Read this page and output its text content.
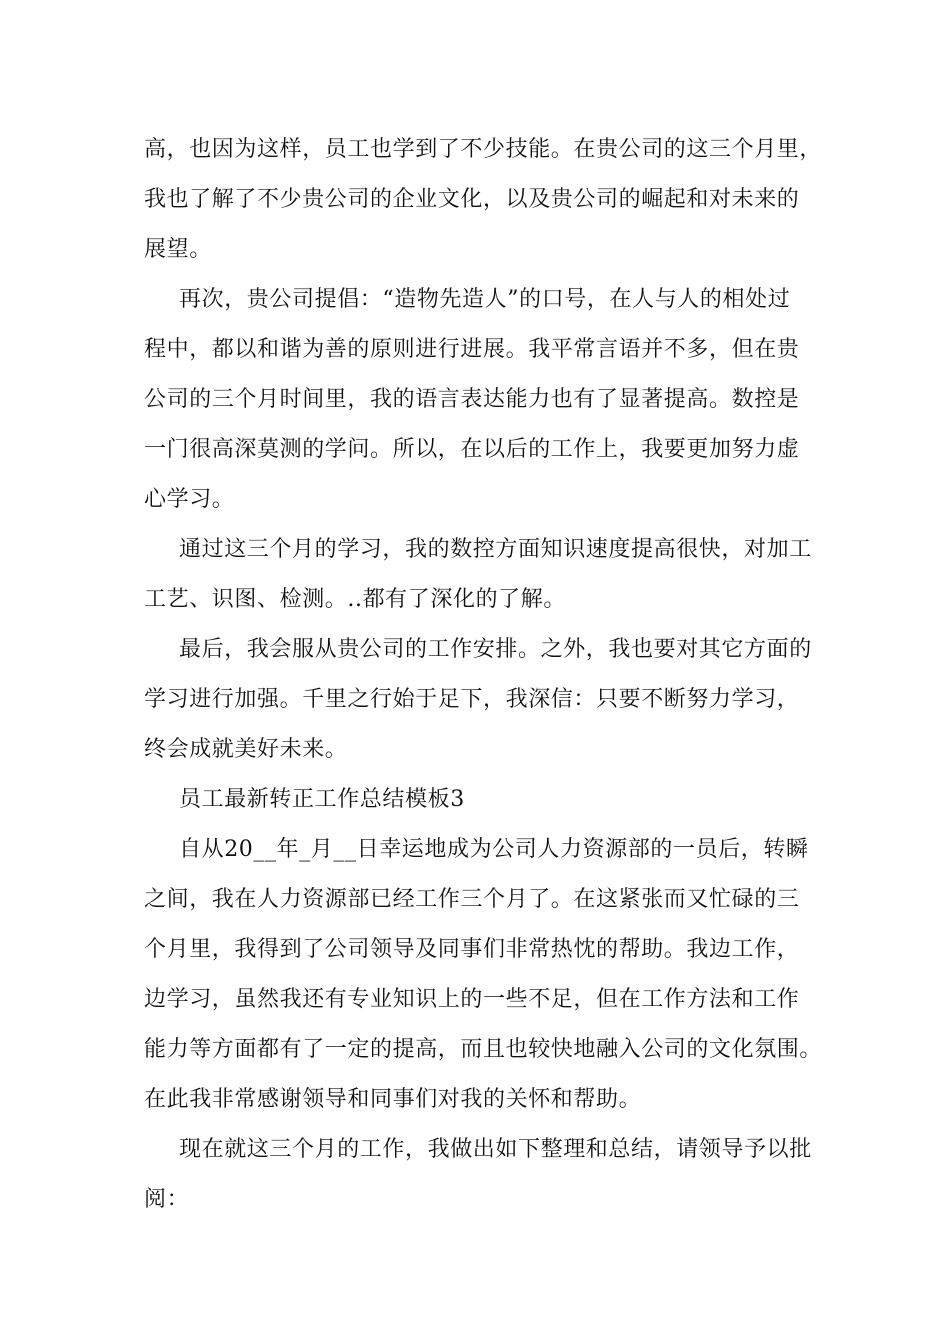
高，也因为这样，员工也学到了不少技能。在贵公司的这三个月里，
我也了解了不少贵公司的企业文化，以及贵公司的崛起和对未来的
展望。
再次，贵公司提倡：“造物先造人”的口号，在人与人的相处过
程中，都以和谐为善的原则进行进展。我平常言语并不多，但在贵
公司的三个月时间里，我的语言表达能力也有了显著提高。数控是
一门很高深莫测的学问。所以，在以后的工作上，我要更加努力虚
心学习。
通过这三个月的学习，我的数控方面知识速度提高很快，对加工
工艺、识图、检测。..都有了深化的了解。
最后，我会服从贵公司的工作安排。之外，我也要对其它方面的
学习进行加强。千里之行始于足下，我深信：只要不断努力学习，
终会成就美好未来。
员工最新转正工作总结模板3
自从20__年_月__日幸运地成为公司人力资源部的一员后，转瞬
之间，我在人力资源部已经工作三个月了。在这紧张而又忙碌的三
个月里，我得到了公司领导及同事们非常热忱的帮助。我边工作，
边学习，虽然我还有专业知识上的一些不足，但在工作方法和工作
能力等方面都有了一定的提高，而且也较快地融入公司的文化氛围。
在此我非常感谢领导和同事们对我的关怀和帮助。
现在就这三个月的工作，我做出如下整理和总结，请领导予以批
阅：
